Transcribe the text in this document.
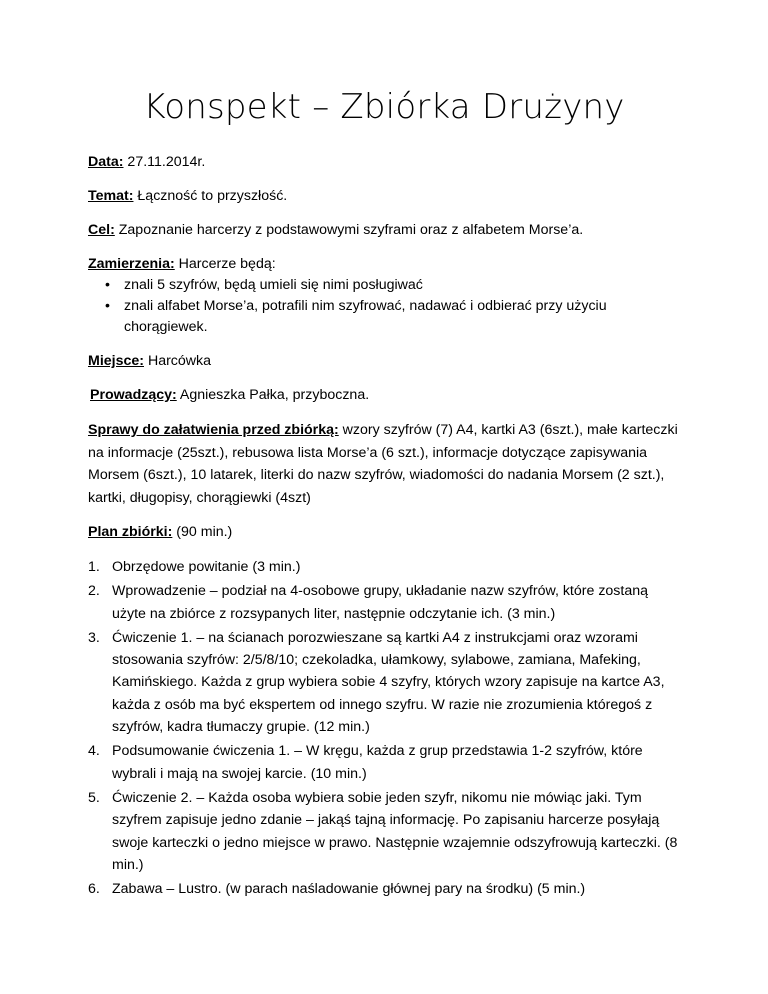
Konspekt – Zbiórka Drużyny

Data: 27.11.2014r.

Temat: Łączność to przyszłość.

Cel: Zapoznanie harcerzy z podstawowymi szyframi oraz z alfabetem Morse’a.

Zamierzenia: Harcerze będą:

• znali 5 szyfrów, będą umieli się nimi posługiwać
• znali alfabet Morse’a, potrafili nim szyfrować, nadawać i odbierać przy użyciu chorągiewek.

Miejsce: Harcówka

Prowadzący: Agnieszka Pałka, przyboczna.

Sprawy do załatwienia przed zbiórką: wzory szyfrów (7) A4, kartki A3 (6szt.), małe karteczki na informacje (25szt.), rebusowa lista Morse’a (6 szt.), informacje dotyczące zapisywania Morsem (6szt.), 10 latarek, literki do nazw szyfrów, wiadomości do nadania Morsem (2 szt.), kartki, długopisy, chorągiewki (4szt)

Plan zbiórki: (90 min.)

1. Obrzędowe powitanie (3 min.)
2. Wprowadzenie – podział na 4-osobowe grupy, układanie nazw szyfrów, które zostaną użyte na zbiórce z rozsypanych liter, następnie odczytanie ich. (3 min.)
3. Ćwiczenie 1. – na ścianach porozwieszane są kartki A4 z instrukcjami oraz wzorami stosowania szyfrów: 2/5/8/10; czekoladka, ułamkowy, sylabowe, zamiana, Mafeking, Kamińskiego. Każda z grup wybiera sobie 4 szyfry, których wzory zapisuje na kartce A3, każda z osób ma być ekspertem od innego szyfru. W razie nie zrozumienia któregoś z szyfrów, kadra tłumaczy grupie. (12 min.)
4. Podsumowanie ćwiczenia 1. – W kręgu, każda z grup przedstawia 1-2 szyfrów, które wybrali i mają na swojej karcie. (10 min.)
5. Ćwiczenie 2. – Każda osoba wybiera sobie jeden szyfr, nikomu nie mówiąc jaki. Tym szyfrem zapisuje jedno zdanie – jakąś tajną informację. Po zapisaniu harcerze posyłają swoje karteczki o jedno miejsce w prawo. Następnie wzajemnie odszyfrowują karteczki. (8 min.)
6. Zabawa – Lustro. (w parach naśladowanie głównej pary na środku) (5 min.)
